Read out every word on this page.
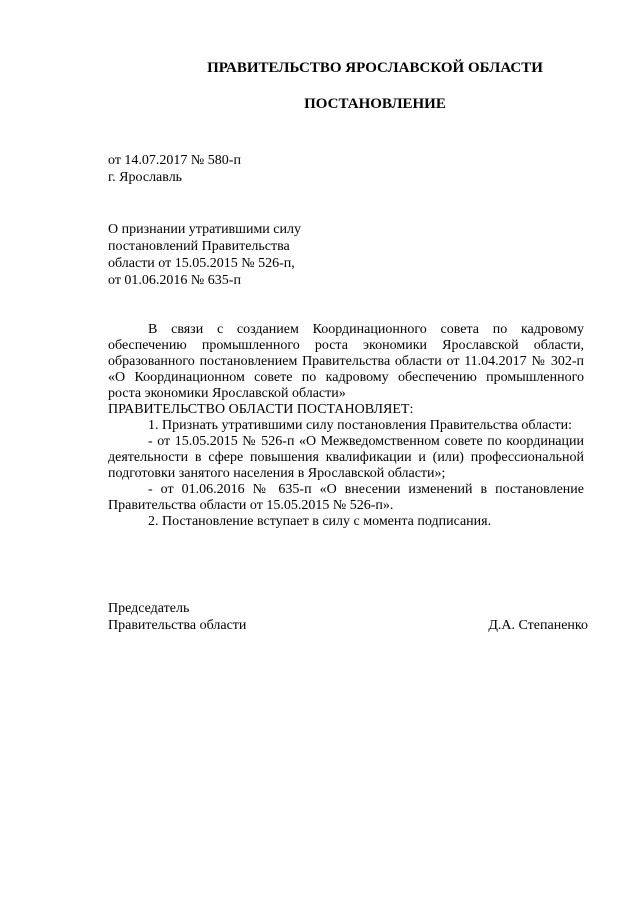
ПРАВИТЕЛЬСТВО ЯРОСЛАВСКОЙ ОБЛАСТИ
ПОСТАНОВЛЕНИЕ
от 14.07.2017 № 580-п
г. Ярославль
О признании утратившими силу
постановлений Правительства
области от 15.05.2015 № 526-п,
от 01.06.2016 № 635-п

В связи с созданием Координационного совета по кадровому обеспечению промышленного роста экономики Ярославской области, образованного постановлением Правительства области от 11.04.2017 № 302-п «О Координационном совете по кадровому обеспечению промышленного роста экономики Ярославской области»

ПРАВИТЕЛЬСТВО ОБЛАСТИ ПОСТАНОВЛЯЕТ:

1. Признать утратившими силу постановления Правительства области:

- от 15.05.2015 № 526-п «О Межведомственном совете по координации деятельности в сфере повышения квалификации и (или) профессиональной подготовки занятого населения в Ярославской области»;

- от 01.06.2016 № 635-п «О внесении изменений в постановление Правительства области от 15.05.2015 № 526-п».

2. Постановление вступает в силу с момента подписания.

Председатель
Правительства области	Д.А. Степаненко
